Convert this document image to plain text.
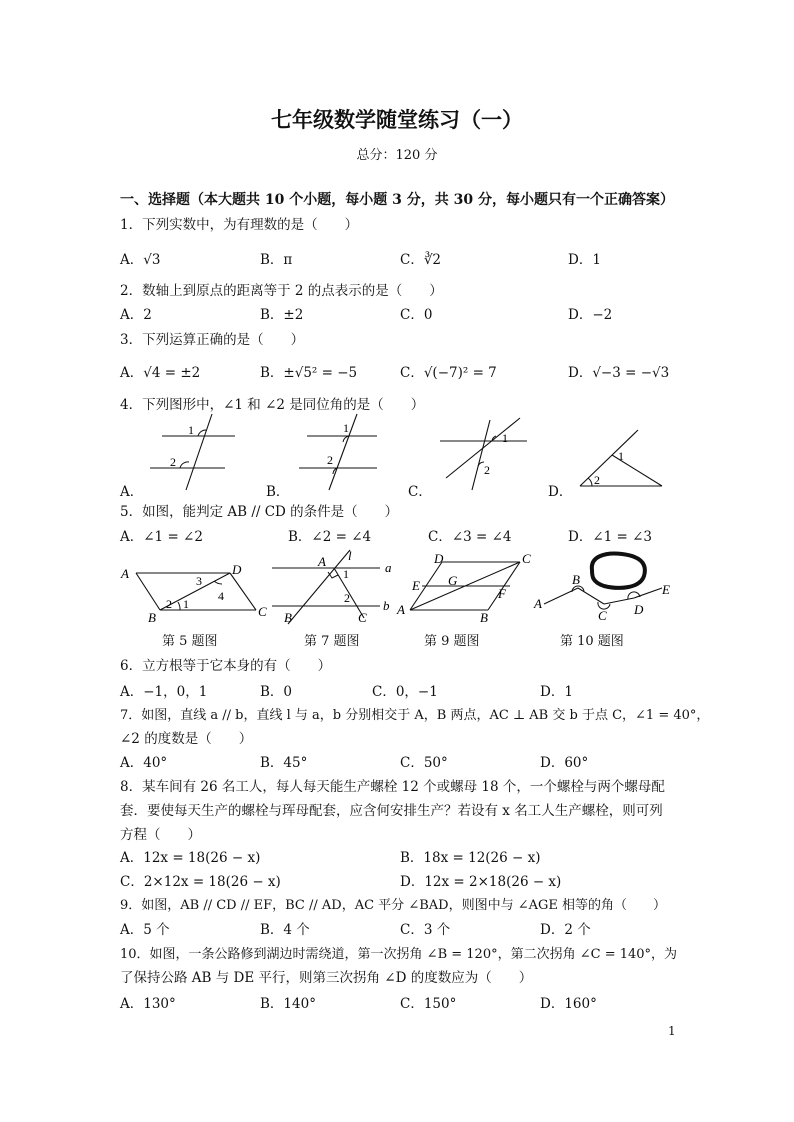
七年级数学随堂练习（一）
总分：120 分
一、选择题（本大题共 10 个小题，每小题 3 分，共 30 分，每小题只有一个正确答案）
1．下列实数中，为有理数的是（　　）
A．√3	B．π	C．∛2	D．1
2．数轴上到原点的距离等于 2 的点表示的是（　　）
A．2	B．±2	C．0	D．−2
3．下列运算正确的是（　　）
A．√4 = ±2	B．±√5² = −5	C．√(−7)² = 7	D．√−3 = −√3
4．下列图形中，∠1 和 ∠2 是同位角的是（　　）
A．	B．	C．	D．
1
2
1
2
1
2
1
2
5．如图，能判定 AB // CD 的条件是（　　）
A．∠1 = ∠2	B．∠2 = ∠4	C．∠3 = ∠4	D．∠1 = ∠3
A	D
B	C
3
4
1
2
第 5 题图
A l
a
b
B	C
1
2
第 7 题图
D	C
G
E
F
A
B
第 9 题图
A
B
C D
E
第 10 题图
6．立方根等于它本身的有（　　）
A．−1，0，1	B．0	C．0，−1	D．1
7．如图，直线 a // b，直线 l 与 a，b 分别相交于 A，B 两点，AC ⊥ AB 交 b 于点 C，∠1 = 40°，
∠2 的度数是（　　）
A．40°	B．45°	C．50°	D．60°
8．某车间有 26 名工人，每人每天能生产螺栓 12 个或螺母 18 个，一个螺栓与两个螺母配
套．要使每天生产的螺栓与珲母配套，应含何安排生产？若设有 x 名工人生产螺栓，则可列
方程（　　）
A．12x = 18(26 − x)	B．18x = 12(26 − x)
C．2×12x = 18(26 − x)	D．12x = 2×18(26 − x)
9．如图，AB // CD // EF，BC // AD，AC 平分 ∠BAD，则图中与 ∠AGE 相等的角（　　）
A．5 个	B．4 个	C．3 个	D．2 个
10．如图，一条公路修到湖边时需绕道，第一次拐角 ∠B = 120°，第二次拐角 ∠C = 140°，为
了保持公路 AB 与 DE 平行，则第三次拐角 ∠D 的度数应为（　　）
A．130°	B．140°	C．150°	D．160°
1
